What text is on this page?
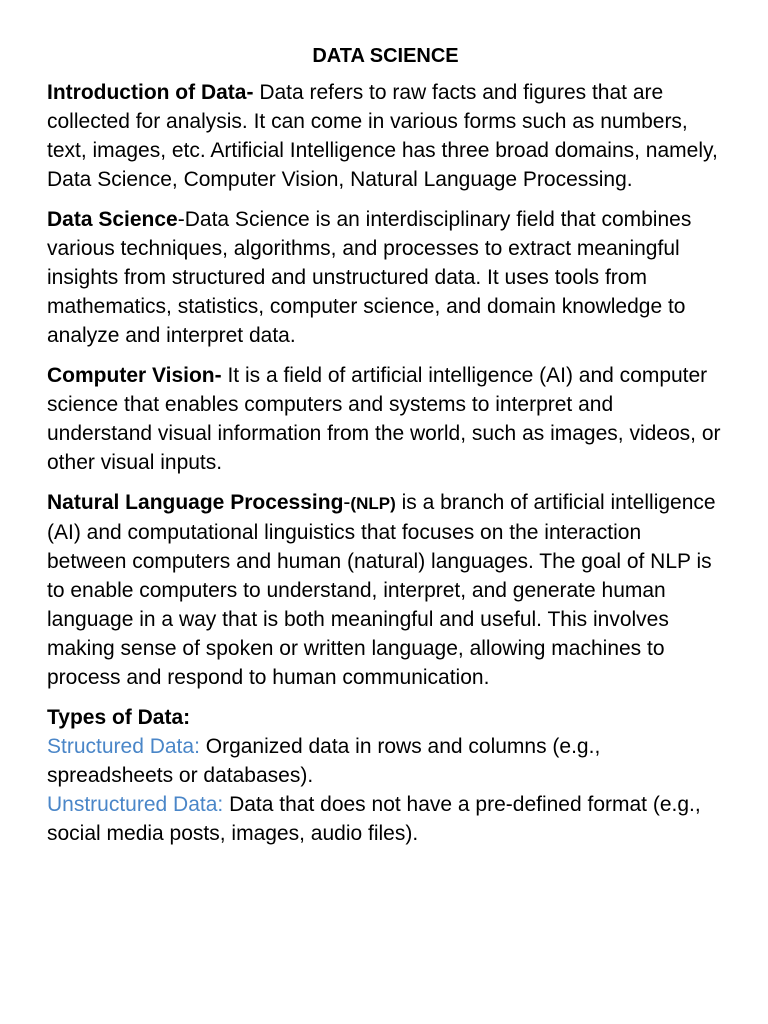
DATA SCIENCE

Introduction of Data- Data refers to raw facts and figures that are collected for analysis. It can come in various forms such as numbers, text, images, etc. Artificial Intelligence has three broad domains, namely, Data Science, Computer Vision, Natural Language Processing.

Data Science-Data Science is an interdisciplinary field that combines various techniques, algorithms, and processes to extract meaningful insights from structured and unstructured data. It uses tools from mathematics, statistics, computer science, and domain knowledge to analyze and interpret data.

Computer Vision- It is a field of artificial intelligence (AI) and computer science that enables computers and systems to interpret and understand visual information from the world, such as images, videos, or other visual inputs.

Natural Language Processing-(NLP) is a branch of artificial intelligence (AI) and computational linguistics that focuses on the interaction between computers and human (natural) languages. The goal of NLP is to enable computers to understand, interpret, and generate human language in a way that is both meaningful and useful. This involves making sense of spoken or written language, allowing machines to process and respond to human communication.

Types of Data:
Structured Data: Organized data in rows and columns (e.g., spreadsheets or databases).
Unstructured Data: Data that does not have a pre-defined format (e.g., social media posts, images, audio files).
